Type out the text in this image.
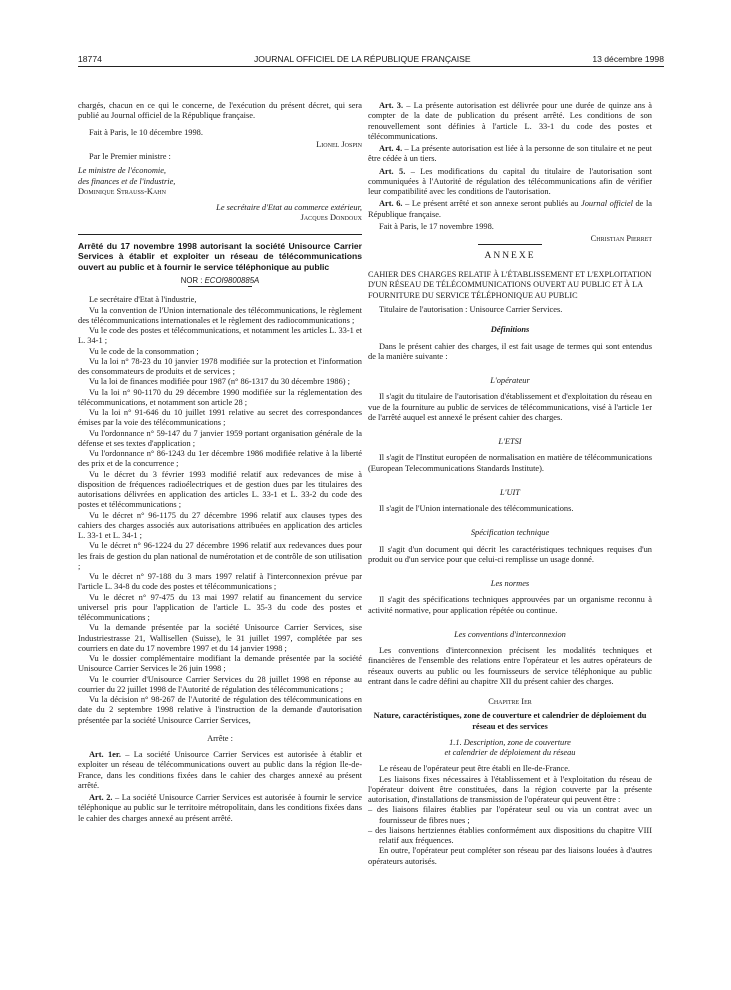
18774	JOURNAL OFFICIEL DE LA RÉPUBLIQUE FRANÇAISE	13 décembre 1998

chargés, chacun en ce qui le concerne, de l'exécution du présent décret, qui sera publié au Journal officiel de la République française.

Fait à Paris, le 10 décembre 1998.

Lionel Jospin

Par le Premier ministre :

Le ministre de l'économie,

des finances et de l'industrie,

Dominique Strauss-Kahn

Le secrétaire d'Etat au commerce extérieur,

Jacques Dondoux

Arrêté du 17 novembre 1998 autorisant la société Unisource Carrier Services à établir et exploiter un réseau de télécommunications ouvert au public et à fournir le service téléphonique au public

NOR : ECOI9800885A

Le secrétaire d'Etat à l'industrie,

Vu la convention de l'Union internationale des télécommunications, le règlement des télécommunications internationales et le règlement des radiocommunications ;

Vu le code des postes et télécommunications, et notamment les articles L. 33-1 et L. 34-1 ;

Vu le code de la consommation ;

Vu la loi n° 78-23 du 10 janvier 1978 modifiée sur la protection et l'information des consommateurs de produits et de services ;

Vu la loi de finances modifiée pour 1987 (n° 86-1317 du 30 décembre 1986) ;

Vu la loi n° 90-1170 du 29 décembre 1990 modifiée sur la réglementation des télécommunications, et notamment son article 28 ;

Vu la loi n° 91-646 du 10 juillet 1991 relative au secret des correspondances émises par la voie des télécommunications ;

Vu l'ordonnance n° 59-147 du 7 janvier 1959 portant organisation générale de la défense et ses textes d'application ;

Vu l'ordonnance n° 86-1243 du 1er décembre 1986 modifiée relative à la liberté des prix et de la concurrence ;

Vu le décret du 3 février 1993 modifié relatif aux redevances de mise à disposition de fréquences radioélectriques et de gestion dues par les titulaires des autorisations délivrées en application des articles L. 33-1 et L. 33-2 du code des postes et télécommunications ;

Vu le décret n° 96-1175 du 27 décembre 1996 relatif aux clauses types des cahiers des charges associés aux autorisations attribuées en application des articles L. 33-1 et L. 34-1 ;

Vu le décret n° 96-1224 du 27 décembre 1996 relatif aux redevances dues pour les frais de gestion du plan national de numérotation et de contrôle de son utilisation ;

Vu le décret n° 97-188 du 3 mars 1997 relatif à l'interconnexion prévue par l'article L. 34-8 du code des postes et télécommunications ;

Vu le décret n° 97-475 du 13 mai 1997 relatif au financement du service universel pris pour l'application de l'article L. 35-3 du code des postes et télécommunications ;

Vu la demande présentée par la société Unisource Carrier Services, sise Industriestrasse 21, Wallisellen (Suisse), le 31 juillet 1997, complétée par ses courriers en date du 17 novembre 1997 et du 14 janvier 1998 ;

Vu le dossier complémentaire modifiant la demande présentée par la société Unisource Carrier Services le 26 juin 1998 ;

Vu le courrier d'Unisource Carrier Services du 28 juillet 1998 en réponse au courrier du 22 juillet 1998 de l'Autorité de régulation des télécommunications ;

Vu la décision n° 98-267 de l'Autorité de régulation des télécommunications en date du 2 septembre 1998 relative à l'instruction de la demande d'autorisation présentée par la société Unisource Carrier Services,

Arrête :

Art. 1er. – La société Unisource Carrier Services est autorisée à établir et exploiter un réseau de télécommunications ouvert au public dans la région Ile-de-France, dans les conditions fixées dans le cahier des charges annexé au présent arrêté.

Art. 2. – La société Unisource Carrier Services est autorisée à fournir le service téléphonique au public sur le territoire métropolitain, dans les conditions fixées dans le cahier des charges annexé au présent arrêté.

Art. 3. – La présente autorisation est délivrée pour une durée de quinze ans à compter de la date de publication du présent arrêté. Les conditions de son renouvellement sont définies à l'article L. 33-1 du code des postes et télécommunications.

Art. 4. – La présente autorisation est liée à la personne de son titulaire et ne peut être cédée à un tiers.

Art. 5. – Les modifications du capital du titulaire de l'autorisation sont communiquées à l'Autorité de régulation des télécommunications afin de vérifier leur compatibilité avec les conditions de l'autorisation.

Art. 6. – Le présent arrêté et son annexe seront publiés au Journal officiel de la République française.

Fait à Paris, le 17 novembre 1998.

Christian Pierret

ANNEXE

CAHIER DES CHARGES RELATIF À L'ÉTABLISSEMENT ET L'EXPLOITATION D'UN RÉSEAU DE TÉLÉCOMMUNICATIONS OUVERT AU PUBLIC ET À LA FOURNITURE DU SERVICE TÉLÉPHONIQUE AU PUBLIC

Titulaire de l'autorisation : Unisource Carrier Services.

Définitions

Dans le présent cahier des charges, il est fait usage de termes qui sont entendus de la manière suivante :

L'opérateur

Il s'agit du titulaire de l'autorisation d'établissement et d'exploitation du réseau en vue de la fourniture au public de services de télécommunications, visé à l'article 1er de l'arrêté auquel est annexé le présent cahier des charges.

L'ETSI

Il s'agit de l'Institut européen de normalisation en matière de télécommunications (European Telecommunications Standards Institute).

L'UIT

Il s'agit de l'Union internationale des télécommunications.

Spécification technique

Il s'agit d'un document qui décrit les caractéristiques techniques requises d'un produit ou d'un service pour que celui-ci remplisse un usage donné.

Les normes

Il s'agit des spécifications techniques approuvées par un organisme reconnu à activité normative, pour application répétée ou continue.

Les conventions d'interconnexion

Les conventions d'interconnexion précisent les modalités techniques et financières de l'ensemble des relations entre l'opérateur et les autres opérateurs de réseaux ouverts au public ou les fournisseurs de service téléphonique au public entrant dans le cadre défini au chapitre XII du présent cahier des charges.

Chapitre Ier

Nature, caractéristiques, zone de couverture et calendrier de déploiement du réseau et des services

1.1. Description, zone de couverture

et calendrier de déploiement du réseau

Le réseau de l'opérateur peut être établi en Ile-de-France.

Les liaisons fixes nécessaires à l'établissement et à l'exploitation du réseau de l'opérateur doivent être constituées, dans la région couverte par la présente autorisation, d'installations de transmission de l'opérateur qui peuvent être :

– des liaisons filaires établies par l'opérateur seul ou via un contrat avec un fournisseur de fibres nues ;

– des liaisons hertziennes établies conformément aux dispositions du chapitre VIII relatif aux fréquences.

En outre, l'opérateur peut compléter son réseau par des liaisons louées à d'autres opérateurs autorisés.
